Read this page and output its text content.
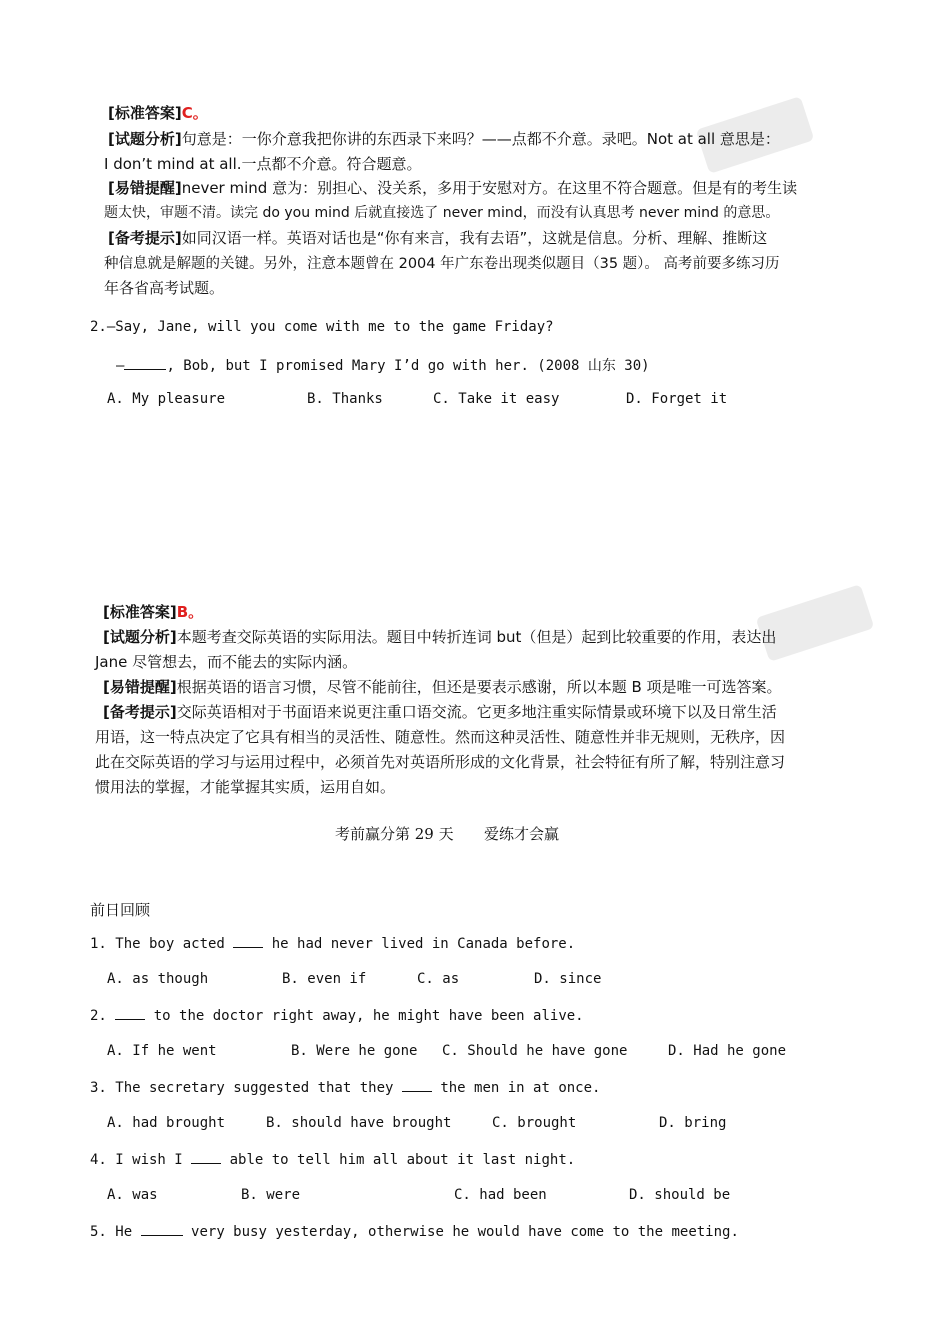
[标准答案]C。
[试题分析]句意是：一你介意我把你讲的东西录下来吗？——点都不介意。录吧。Not at all 意思是：
I don’t mind at all.一点都不介意。符合题意。
[易错提醒]never mind 意为：别担心、没关系，多用于安慰对方。在这里不符合题意。但是有的考生读
题太快，审题不清。读完 do you mind 后就直接选了 never mind，而没有认真思考 never mind 的意思。
[备考提示]如同汉语一样。英语对话也是“你有来言，我有去语”，这就是信息。分析、理解、推断这
种信息就是解题的关键。另外，注意本题曾在 2004 年广东卷出现类似题目（35 题）。 高考前要多练习历
年各省高考试题。
2.—Say, Jane, will you come with me to the game Friday?
—	, Bob, but I promised Mary I’d go with her. (2008 山东 30)
A. My pleasure	B. Thanks	C. Take it easy	D. Forget it
[标准答案]B。
[试题分析]本题考查交际英语的实际用法。题目中转折连词 but（但是）起到比较重要的作用，表达出
Jane 尽管想去，而不能去的实际内涵。
[易错提醒]根据英语的语言习惯，尽管不能前往，但还是要表示感谢，所以本题 B 项是唯一可选答案。
[备考提示]交际英语相对于书面语来说更注重口语交流。它更多地注重实际情景或环境下以及日常生活
用语，这一特点决定了它具有相当的灵活性、随意性。然而这种灵活性、随意性并非无规则，无秩序，因
此在交际英语的学习与运用过程中，必须首先对英语所形成的文化背景，社会特征有所了解，特别注意习
惯用法的掌握，才能掌握其实质，运用自如。
考前赢分第 29 天 爱练才会赢
前日回顾
1. The boy acted	he had never lived in Canada before.
A. as though	B. even if	C. as	D. since
2.	to the doctor right away, he might have been alive.
A. If he went	B. Were he gone C. Should he have gone	D. Had he gone
3. The secretary suggested that they	the men in at once.
A. had brought	B. should have brought	C. brought	D. bring
4. I wish I	able to tell him all about it last night.
A. was	B. were	C. had been	D. should be
5. He	very busy yesterday, otherwise he would have come to the meeting.
